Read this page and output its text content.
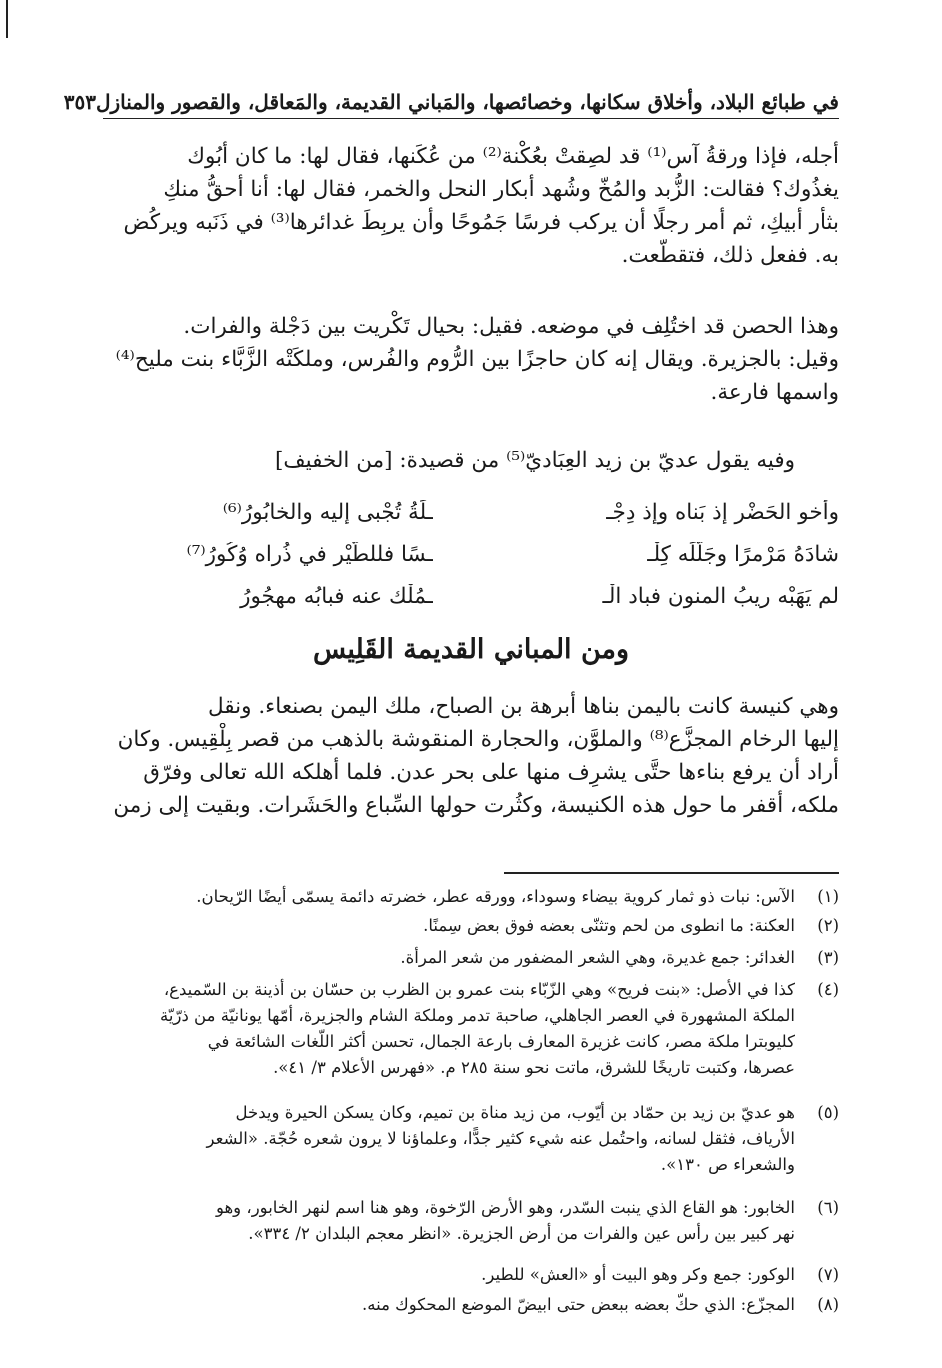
في طبائع البلاد، وأخلاق سكانها، وخصائصها، والمَباني القديمة، والمَعاقل، والقصور والمنازل
٣٥٣

أجله، فإذا ورقةُ آس⁽¹⁾ قد لصِقتْ بعُكْنة⁽²⁾ من عُكَنها، فقال لها: ما كان أبُوك
يغذُوك؟ فقالت: الزُّبد والمُخّ وشُهد أبكار النحل والخمر، فقال لها: أنا أحقُّ منكِ
بثأر أبيكِ، ثم أمر رجلًا أن يركب فرسًا جَمُوحًا وأن يربِطَ غدائرها⁽³⁾ في ذَنَبه ويركُض
به. ففعل ذلك، فتقطَّعت.

وهذا الحصن قد اختُلِف في موضعه. فقيل: بحيال تَكْريت بين دَجْلة والفرات.
وقيل: بالجزيرة. ويقال إنه كان حاجزًا بين الرُّوم والفُرس، وملكَتْه الزَّبَّاء بنت مليح⁽⁴⁾
واسمها فارعة.

وفيه يقول عديّ بن زيد العِبَاديّ⁽⁵⁾ من قصيدة: [من الخفيف]

وأخو الحَضْر إذ بَناه وإذ دِجْـ
ـلَةُ تُجْبى إليه والخابُورُ⁽⁶⁾
شادَهُ مَرْمرًا وجَلَّلَه كِلْـ
ـسًا فللطَّيْر في ذُراه وُكُورُ⁽⁷⁾
لم يَهَبْه ريبُ المنون فباد الْـ
ـمُلْك عنه فبابُه مهجُورُ
ومن المباني القديمة القَلِيس

وهي كنيسة كانت باليمن بناها أبرهة بن الصباح، ملك اليمن بصنعاء. ونقل
إليها الرخام المجزَّع⁽⁸⁾ والملوَّن، والحجارة المنقوشة بالذهب من قصر بِلْقِيس. وكان
أراد أن يرفع بناءها حتَّى يشرِف منها على بحر عدن. فلما أهلكه الله تعالى وفرّق
ملكه، أقفر ما حول هذه الكنيسة، وكثُرت حولها السِّباع والحَشَرات. وبقيت إلى زمن

(١)
الآس: نبات ذو ثمار كروية بيضاء وسوداء، وورقه عطر، خضرته دائمة يسمّى أيضًا الرّيحان.
(٢)
العكنة: ما انطوى من لحم وتثنّى بعضه فوق بعض سِمنًا.
(٣)
الغدائر: جمع غديرة، وهي الشعر المضفور من شعر المرأة.
(٤)
كذا في الأصل: «بنت فريح» وهي الزّبّاء بنت عمرو بن الظرب بن حسّان بن أذينة بن السّميدع،
الملكة المشهورة في العصر الجاهلي، صاحبة تدمر وملكة الشام والجزيرة، أمّها يونانيّة من ذرّيّة
كليوبترا ملكة مصر، كانت غزيرة المعارف بارعة الجمال، تحسن أكثر اللّغات الشائعة في
عصرها، وكتبت تاريخًا للشرق، ماتت نحو سنة ٢٨٥ م. «فهرس الأعلام ٣/ ٤١».
(٥)
هو عديّ بن زيد بن حمّاد بن أيّوب، من زيد مناة بن تميم، وكان يسكن الحيرة ويدخل
الأرياف، فثقل لسانه، واحتُمل عنه شيء كثير جدًّا، وعلماؤنا لا يرون شعره حُجّة. «الشعر
والشعراء ص ١٣٠».
(٦)
الخابور: هو القاع الذي ينبت السّدر، وهو الأرض الرّخوة، وهو هنا اسم لنهر الخابور، وهو
نهر كبير بين رأس عين والفرات من أرض الجزيرة. «انظر معجم البلدان ٢/ ٣٣٤».
(٧)
الوكور: جمع وكر وهو البيت أو «العش» للطير.
(٨)
المجزّع: الذي حكّ بعضه ببعض حتى ابيضّ الموضع المحكوك منه.
